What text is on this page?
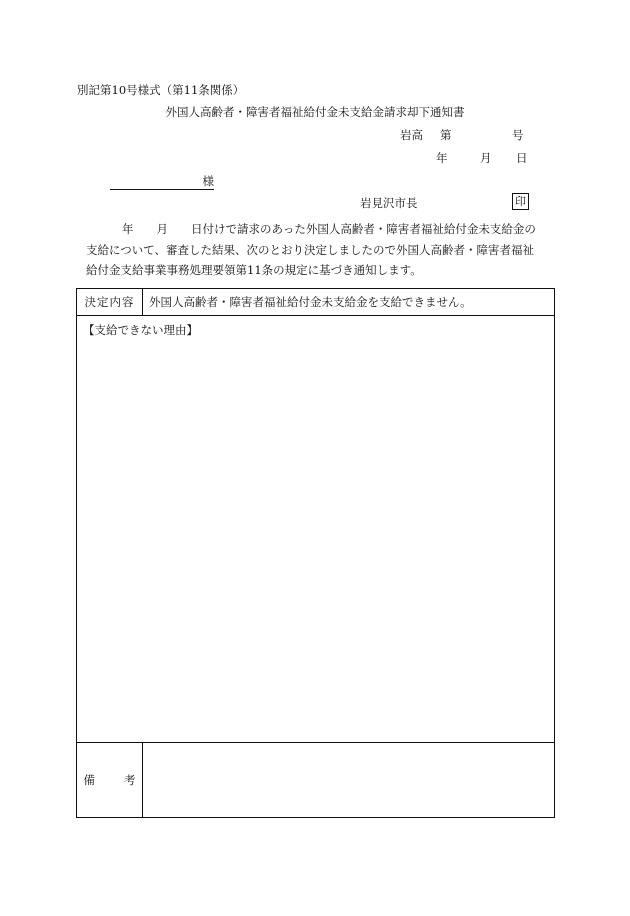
別記第10号様式（第11条関係）
外国人高齢者・障害者福祉給付金未支給金請求却下通知書
岩高 第	号
年	月 日
様
岩見沢市長	印
年　　月　　日付けで請求のあった外国人高齢者・障害者福祉給付金未支給金の
支給について、審査した結果、次のとおり決定しましたので外国人高齢者・障害者福祉
給付金支給事業事務処理要領第11条の規定に基づき通知します。
決定内容	外国人高齢者・障害者福祉給付金未支給金を支給できません。
【支給できない理由】
備考
